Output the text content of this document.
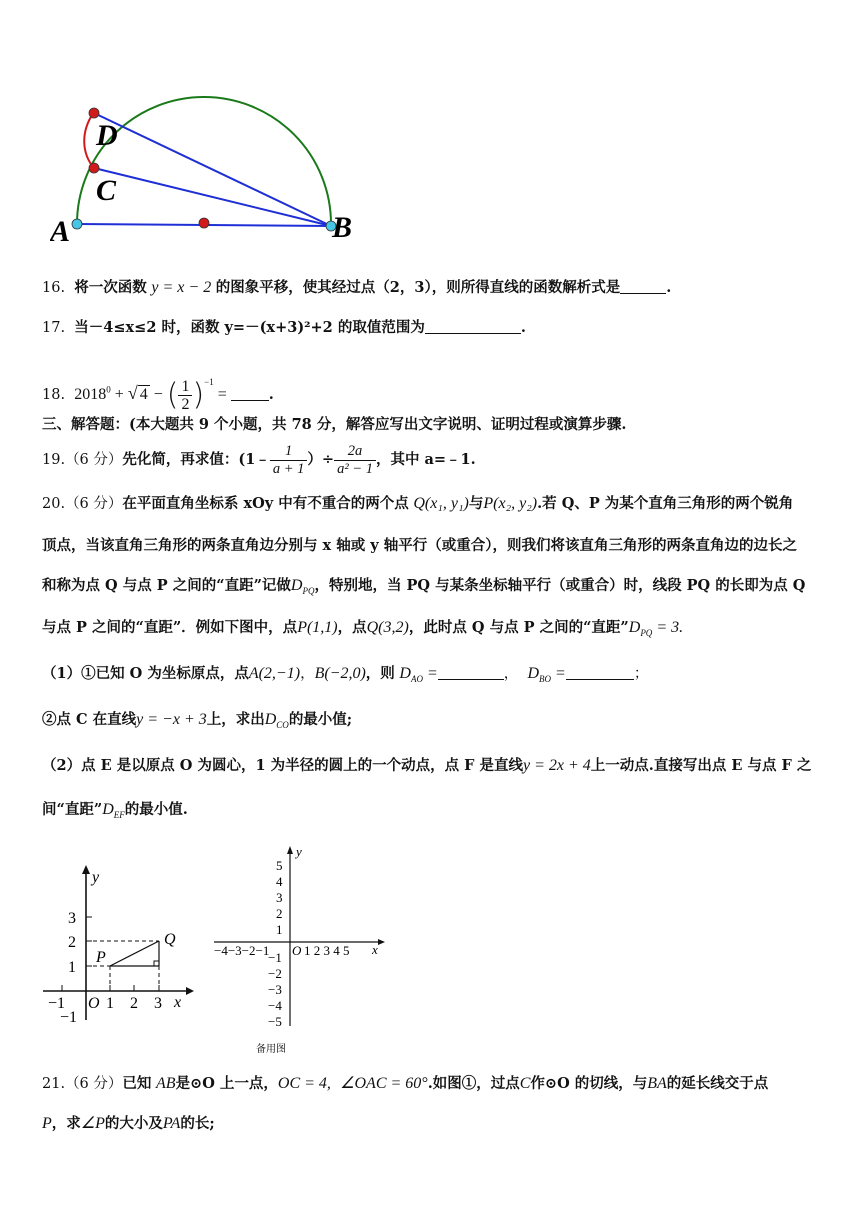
D
C
A	B
16. 将一次函数 y = x − 2 的图象平移，使其经过点（2，3），则所得直线的函数解析式是	.
17. 当－4≤x≤2 时，函数 y=－(x+3)²+2 的取值范围为	.
18. $2018^0$ + √ 4 − ( $\frac{1}{2} )^{-1}$ =	.
三、解答题：(本大题共 9 个小题，共 78 分，解答应写出文字说明、证明过程或演算步骤.
19.（6 分）先化简，再求值：(1﹣ $\frac{1}{a + 1}$ ）÷ $\frac{2a}{\text{a² − 1}}$ ，其中 a=﹣1.
20.（6 分）在平面直角坐标系 xOy 中有不重合的两个点 Q(x₁, y₁)与P(x₂, y₂).若 Q、P 为某个直角三角形的两个锐角
顶点，当该直角三角形的两条直角边分别与 x 轴或 y 轴平行（或重合），则我们将该直角三角形的两条直角边的边长之
和称为点 Q 与点 P 之间的“直距”记做$D_{PQ}$，特别地，当 PQ 与某条坐标轴平行（或重合）时，线段 PQ 的长即为点 Q
与点 P 之间的“直距”．例如下图中，点P(1,1)，点Q(3,2)，此时点 Q 与点 P 之间的“直距$”D_{PQ} = 3$.
（1）①已知 O 为坐标原点，点A(2,−1)，B(−2,0)，则 $D_{AO}$ =	， $D_{BO}$ =	；
②点 C 在直线y = −x + 3上，求出$D_{CO}$的最小值;
（2）点 E 是以原点 O 为圆心，1 为半径的圆上的一个动点，点 F 是直线y = 2x + 4上一动点.直接写出点 E 与点 F 之
间“直距$”D_{EF}$的最小值.
y
x
O
3
2
1
−1
−1	1 2 3
P
Q
5
4
3
2
1
−1
−2
−3
−4
−5
−4−3−2−1 O 1 2 3 4 5 x
y
备用图
21.（6 分）已知 AB是⊙O 上一点，OC = 4, ∠OAC = 60°.如图①，过点C作⊙O 的切线，与BA的延长线交于点
P，求∠P的大小及PA的长;
